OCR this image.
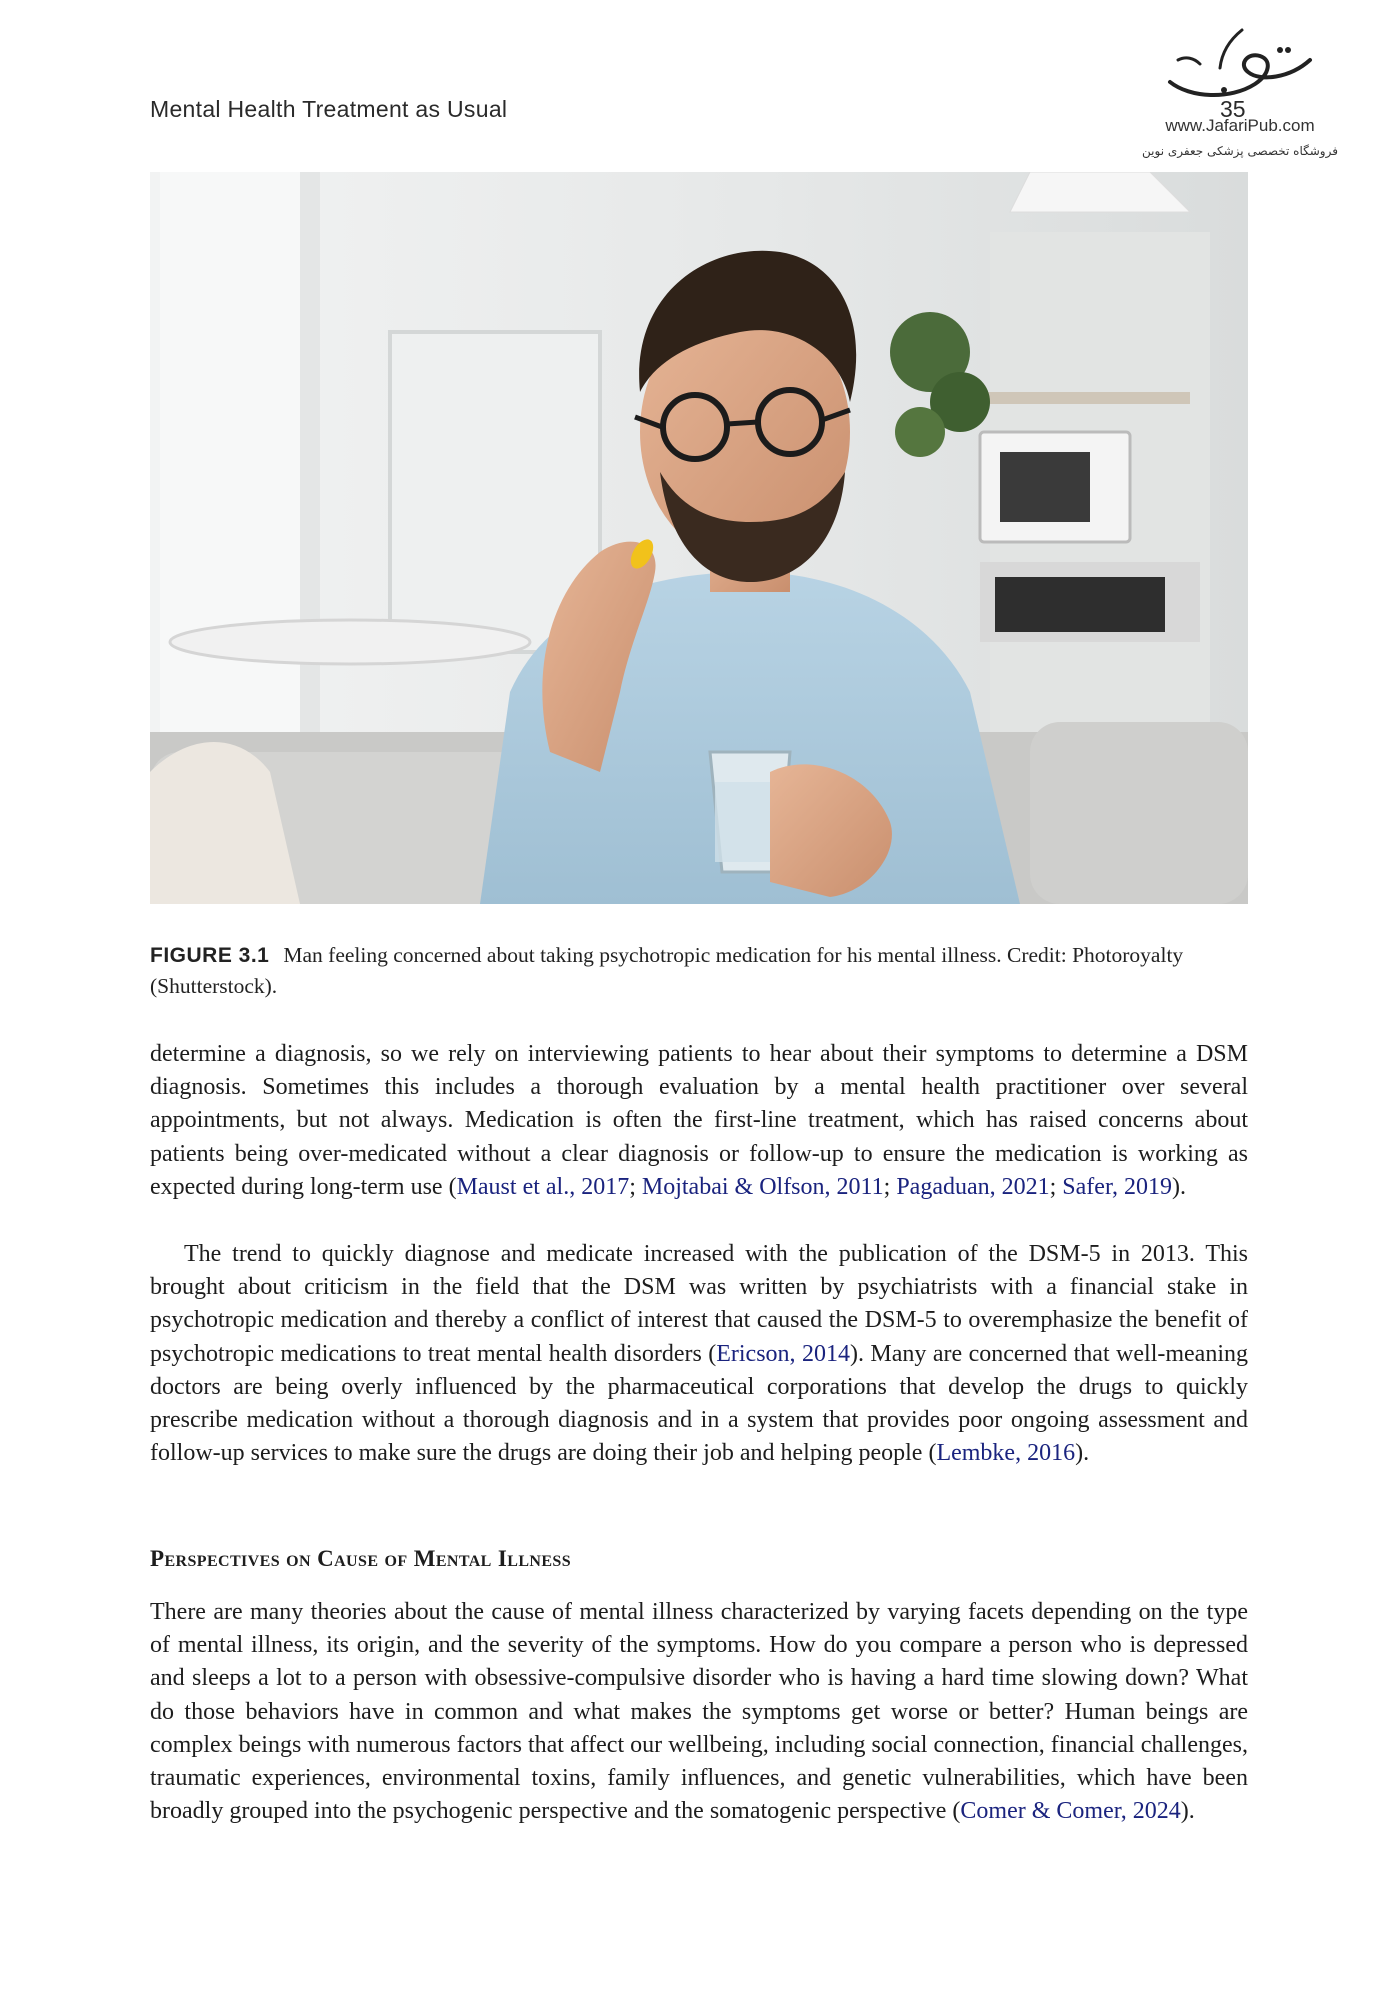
Mental Health Treatment as Usual	35
www.JafariPub.com
فروشگاه تخصصی پزشکی جعفری نوین
FIGURE 3.1 Man feeling concerned about taking psychotropic medication for his mental illness. Credit: Photoroyalty (Shutterstock).
determine a diagnosis, so we rely on interviewing patients to hear about their symptoms to determine a DSM diagnosis. Sometimes this includes a thorough evaluation by a mental health practitioner over several appointments, but not always. Medication is often the first-line treatment, which has raised concerns about patients being over-medicated without a clear diagnosis or follow-up to ensure the medication is working as expected during long-term use (Maust et al., 2017; Mojtabai & Olfson, 2011; Pagaduan, 2021; Safer, 2019).
The trend to quickly diagnose and medicate increased with the publication of the DSM-5 in 2013. This brought about criticism in the field that the DSM was written by psychiatrists with a financial stake in psychotropic medication and thereby a conflict of interest that caused the DSM-5 to overemphasize the benefit of psychotropic medications to treat mental health disorders (Ericson, 2014). Many are concerned that well-meaning doctors are being overly influenced by the pharmaceutical corporations that develop the drugs to quickly prescribe medication without a thorough diagnosis and in a system that provides poor ongoing assessment and follow-up services to make sure the drugs are doing their job and helping people (Lembke, 2016).
Perspectives on Cause of Mental Illness
There are many theories about the cause of mental illness characterized by varying facets depending on the type of mental illness, its origin, and the severity of the symptoms. How do you compare a person who is depressed and sleeps a lot to a person with obsessive-compulsive disorder who is having a hard time slowing down? What do those behaviors have in common and what makes the symptoms get worse or better? Human beings are complex beings with numerous factors that affect our wellbeing, including social connection, financial challenges, traumatic experiences, environmental toxins, family influences, and genetic vulnerabilities, which have been broadly grouped into the psychogenic perspective and the somatogenic perspective (Comer & Comer, 2024).
